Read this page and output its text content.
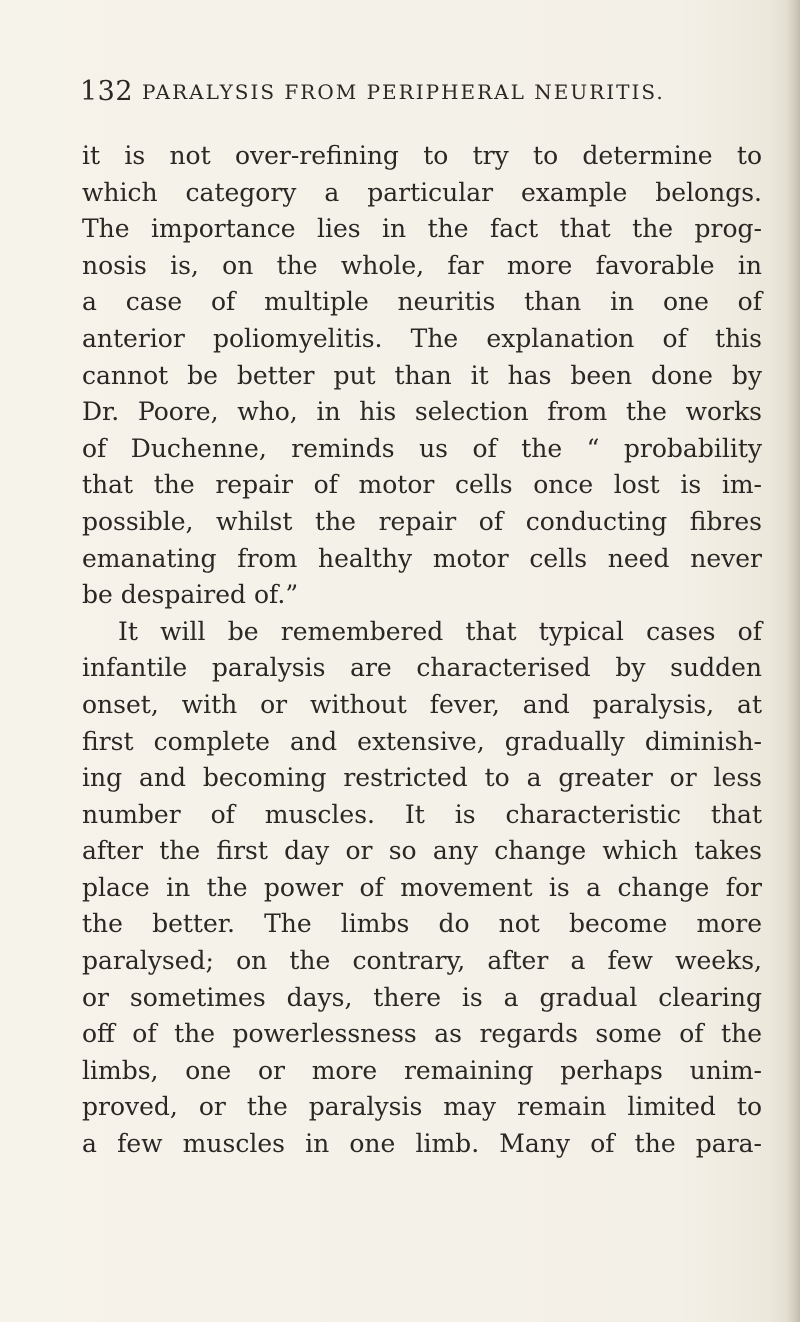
132 PARALYSIS FROM PERIPHERAL NEURITIS.
it is not over-refining to try to determine to
which category a particular example belongs.
The importance lies in the fact that the prog-
nosis is, on the whole, far more favorable in
a case of multiple neuritis than in one of
anterior poliomyelitis. The explanation of this
cannot be better put than it has been done by
Dr. Poore, who, in his selection from the works
of Duchenne, reminds us of the “ probability
that the repair of motor cells once lost is im-
possible, whilst the repair of conducting fibres
emanating from healthy motor cells need never
be despaired of.”
It will be remembered that typical cases of
infantile paralysis are characterised by sudden
onset, with or without fever, and paralysis, at
first complete and extensive, gradually diminish-
ing and becoming restricted to a greater or less
number of muscles. It is characteristic that
after the first day or so any change which takes
place in the power of movement is a change for
the better. The limbs do not become more
paralysed; on the contrary, after a few weeks,
or sometimes days, there is a gradual clearing
off of the powerlessness as regards some of the
limbs, one or more remaining perhaps unim-
proved, or the paralysis may remain limited to
a few muscles in one limb. Many of the para-
